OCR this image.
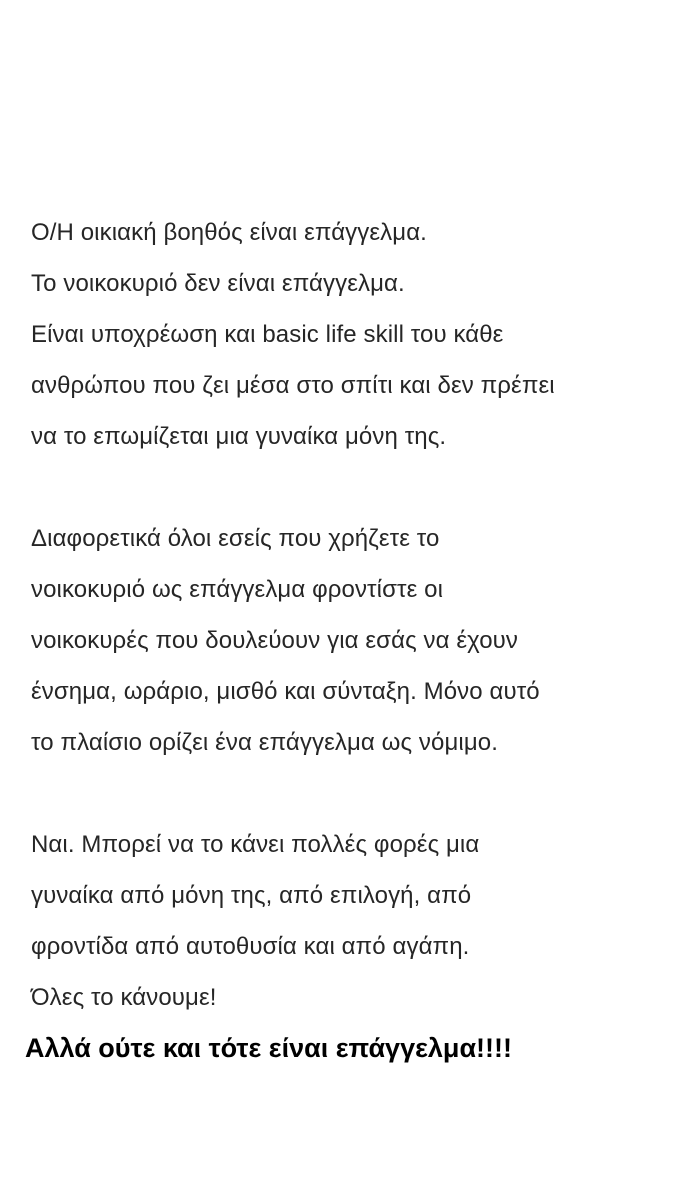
Ο/Η οικιακή βοηθός είναι επάγγελμα.
Το νοικοκυριό δεν είναι επάγγελμα.
Είναι υποχρέωση και basic life skill του κάθε
ανθρώπου που ζει μέσα στο σπίτι και δεν πρέπει
να το επωμίζεται μια γυναίκα μόνη της.
Διαφορετικά όλοι εσείς που χρήζετε το
νοικοκυριό ως επάγγελμα φροντίστε οι
νοικοκυρές που δουλεύουν για εσάς να έχουν
ένσημα, ωράριο, μισθό και σύνταξη. Μόνο αυτό
το πλαίσιο ορίζει ένα επάγγελμα ως νόμιμο.
Ναι. Μπορεί να το κάνει πολλές φορές μια
γυναίκα από μόνη της, από επιλογή, από
φροντίδα από αυτοθυσία και από αγάπη.
Όλες το κάνουμε!
Αλλά ούτε και τότε είναι επάγγελμα!!!!
